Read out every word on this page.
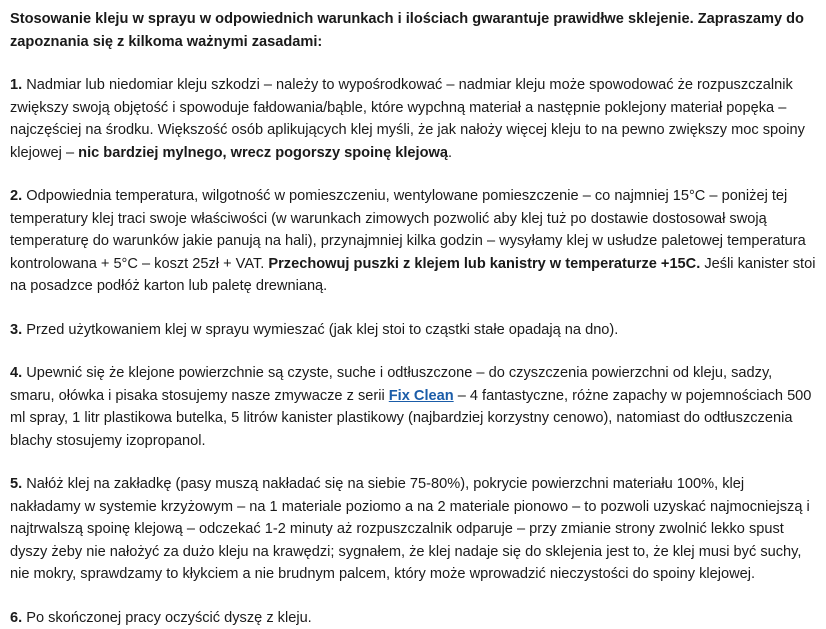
Stosowanie kleju w sprayu w odpowiednich warunkach i ilościach gwarantuje prawidłwe sklejenie. Zapraszamy do zapoznania się z kilkoma ważnymi zasadami:

1. Nadmiar lub niedomiar kleju szkodzi – należy to wypośrodkować – nadmiar kleju może spowodować że rozpuszczalnik zwiększy swoją objętość i spowoduje fałdowania/bąble, które wypchną materiał a następnie poklejony materiał popęka – najczęściej na środku. Większość osób aplikujących klej myśli, że jak nałoży więcej kleju to na pewno zwiększy moc spoiny klejowej – nic bardziej mylnego, wrecz pogorszy spoinę klejową.

2. Odpowiednia temperatura, wilgotność w pomieszczeniu, wentylowane pomieszczenie – co najmniej 15°C – poniżej tej temperatury klej traci swoje właściwości (w warunkach zimowych pozwolić aby klej tuż po dostawie dostosował swoją temperaturę do warunków jakie panują na hali), przynajmniej kilka godzin – wysyłamy klej w usłudze paletowej temperatura kontrolowana + 5°C – koszt 25zł + VAT. Przechowuj puszki z klejem lub kanistry w temperaturze +15C. Jeśli kanister stoi na posadzce podłóż karton lub paletę drewnianą.

3. Przed użytkowaniem klej w sprayu wymieszać (jak klej stoi to cząstki stałe opadają na dno).

4. Upewnić się że klejone powierzchnie są czyste, suche i odtłuszczone – do czyszczenia powierzchni od kleju, sadzy, smaru, ołówka i pisaka stosujemy nasze zmywacze z serii Fix Clean – 4 fantastyczne, różne zapachy w pojemnościach 500 ml spray, 1 litr plastikowa butelka, 5 litrów kanister plastikowy (najbardziej korzystny cenowo), natomiast do odtłuszczenia blachy stosujemy izopropanol.

5. Nałóż klej na zakładkę (pasy muszą nakładać się na siebie 75-80%), pokrycie powierzchni materiału 100%, klej nakładamy w systemie krzyżowym – na 1 materiale poziomo a na 2 materiale pionowo – to pozwoli uzyskać najmocniejszą i najtrwalszą spoinę klejową – odczekać 1-2 minuty aż rozpuszczalnik odparuje – przy zmianie strony zwolnić lekko spust dyszy żeby nie nałożyć za dużo kleju na krawędzi; sygnałem, że klej nadaje się do sklejenia jest to, że klej musi być suchy, nie mokry, sprawdzamy to kłykciem a nie brudnym palcem, który może wprowadzić nieczystości do spoiny klejowej.

6. Po skończonej pracy oczyścić dyszę z kleju.
